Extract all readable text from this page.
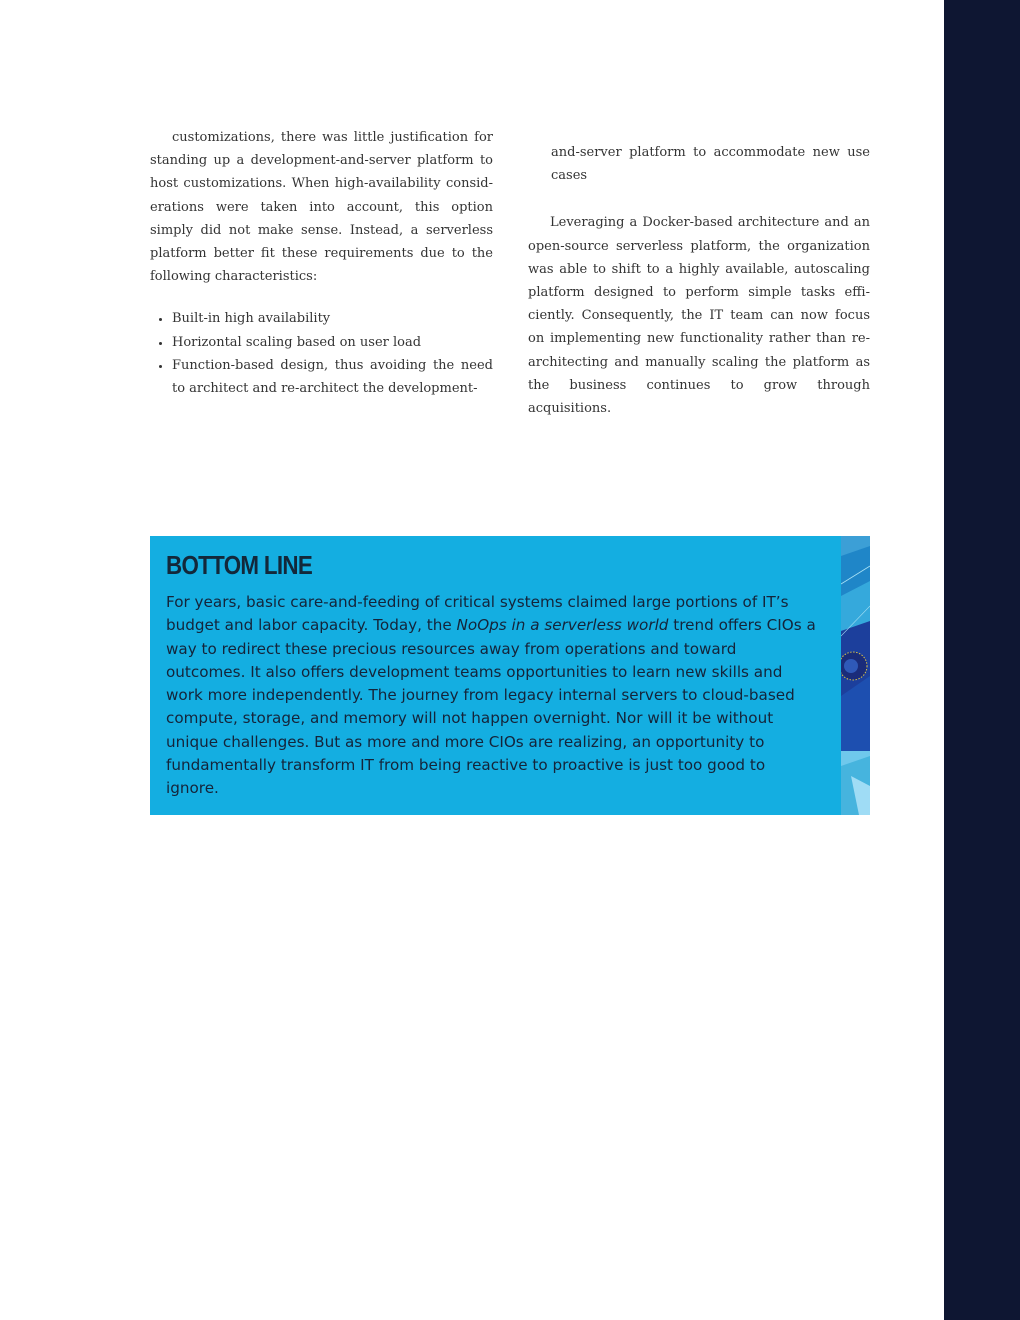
customizations, there was little justification for standing up a development-and-server platform to host customizations. When high-availability considerations were taken into account, this option simply did not make sense. Instead, a serverless platform better fit these requirements due to the following characteristics:

• Built-in high availability
• Horizontal scaling based on user load
• Function-based design, thus avoiding the need to architect and re-architect the development-

and-server platform to accommodate new use cases

Leveraging a Docker-based architecture and an open-source serverless platform, the organization was able to shift to a highly available, autoscaling platform designed to perform simple tasks efficiently. Consequently, the IT team can now focus on implementing new functionality rather than re-architecting and manually scaling the platform as the business continues to grow through acquisitions.

BOTTOM LINE

For years, basic care-and-feeding of critical systems claimed large portions of IT’s budget and labor capacity. Today, the NoOps in a serverless world trend offers CIOs a way to redirect these precious resources away from operations and toward outcomes. It also offers development teams opportunities to learn new skills and work more independently. The journey from legacy internal servers to cloud-based compute, storage, and memory will not happen overnight. Nor will it be without unique challenges. But as more and more CIOs are realizing, an opportunity to fundamentally transform IT from being reactive to proactive is just too good to ignore.
